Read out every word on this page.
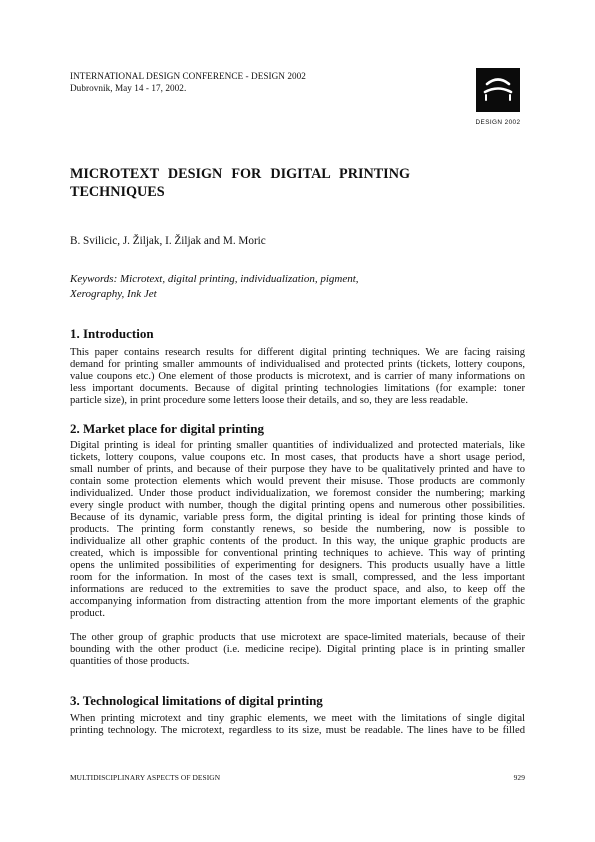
INTERNATIONAL DESIGN CONFERENCE - DESIGN 2002
Dubrovnik, May 14 - 17, 2002.
DESIGN 2002
MICROTEXT DESIGN FOR DIGITAL PRINTING
TECHNIQUES
B. Svilicic, J. Žiljak, I. Žiljak and M. Moric
Keywords: Microtext, digital printing, individualization, pigment,
Xerography, Ink Jet
1. Introduction

This paper contains research results for different digital printing techniques. We are facing raising
demand for printing smaller ammounts of individualised and protected prints (tickets, lottery coupons,
value coupons etc.) One element of those products is microtext, and is carrier of many informations on
less important documents. Because of digital printing technologies limitations (for example: toner
particle size), in print procedure some letters loose their details, and so, they are less readable.

2. Market place for digital printing

Digital printing is ideal for printing smaller quantities of individualized and protected materials, like
tickets, lottery coupons, value coupons etc. In most cases, that products have a short usage period,
small number of prints, and because of their purpose they have to be qualitatively printed and have to
contain some protection elements which would prevent their misuse. Those products are commonly
individualized. Under those product individualization, we foremost consider the numbering; marking
every single product with number, though the digital printing opens and numerous other possibilities.
Because of its dynamic, variable press form, the digital printing is ideal for printing those kinds of
products. The printing form constantly renews, so beside the numbering, now is possible to
individualize all other graphic contents of the product. In this way, the unique graphic products are
created, which is impossible for conventional printing techniques to achieve. This way of printing
opens the unlimited possibilities of experimenting for designers. This products usually have a little
room for the information. In most of the cases text is small, compressed, and the less important
informations are reduced to the extremities to save the product space, and also, to keep off the
accompanying information from distracting attention from the more important elements of the graphic
product.

The other group of graphic products that use microtext are space-limited materials, because of their
bounding with the other product (i.e. medicine recipe). Digital printing place is in printing smaller
quantities of those products.

3. Technological limitations of digital printing

When printing microtext and tiny graphic elements, we meet with the limitations of single digital
printing technology. The microtext, regardless to its size, must be readable. The lines have to be filled

MULTIDISCIPLINARY ASPECTS OF DESIGN	929
